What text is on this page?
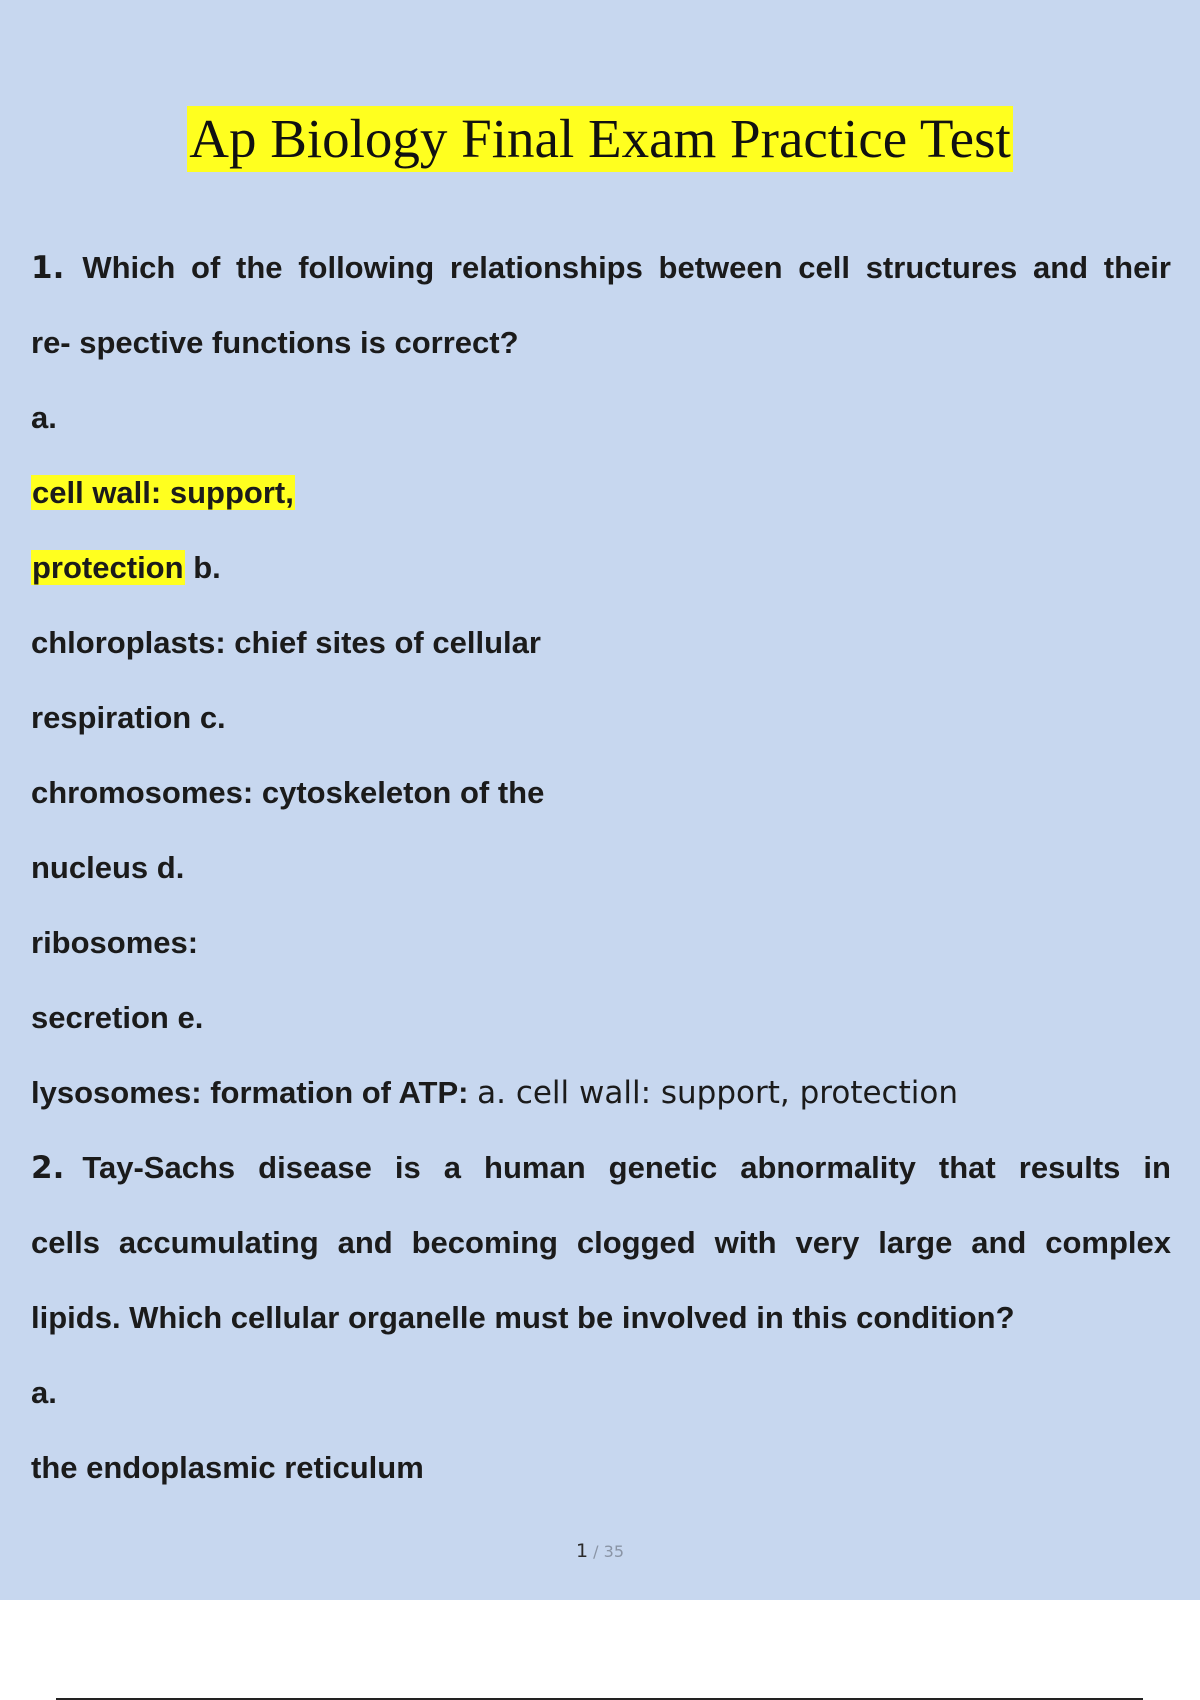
Ap Biology Final Exam Practice Test
1. Which of the following relationships between cell structures and their
re- spective functions is correct?
a.
cell wall: support,
protection b.
chloroplasts: chief sites of cellular
respiration c.
chromosomes: cytoskeleton of the
nucleus d.
ribosomes:
secretion e.
lysosomes: formation of ATP: a. cell wall: support, protection
2. Tay-Sachs disease is a human genetic abnormality that results in
cells accumulating and becoming clogged with very large and complex
lipids. Which cellular organelle must be involved in this condition?
a.
the endoplasmic reticulum
1 / 35
